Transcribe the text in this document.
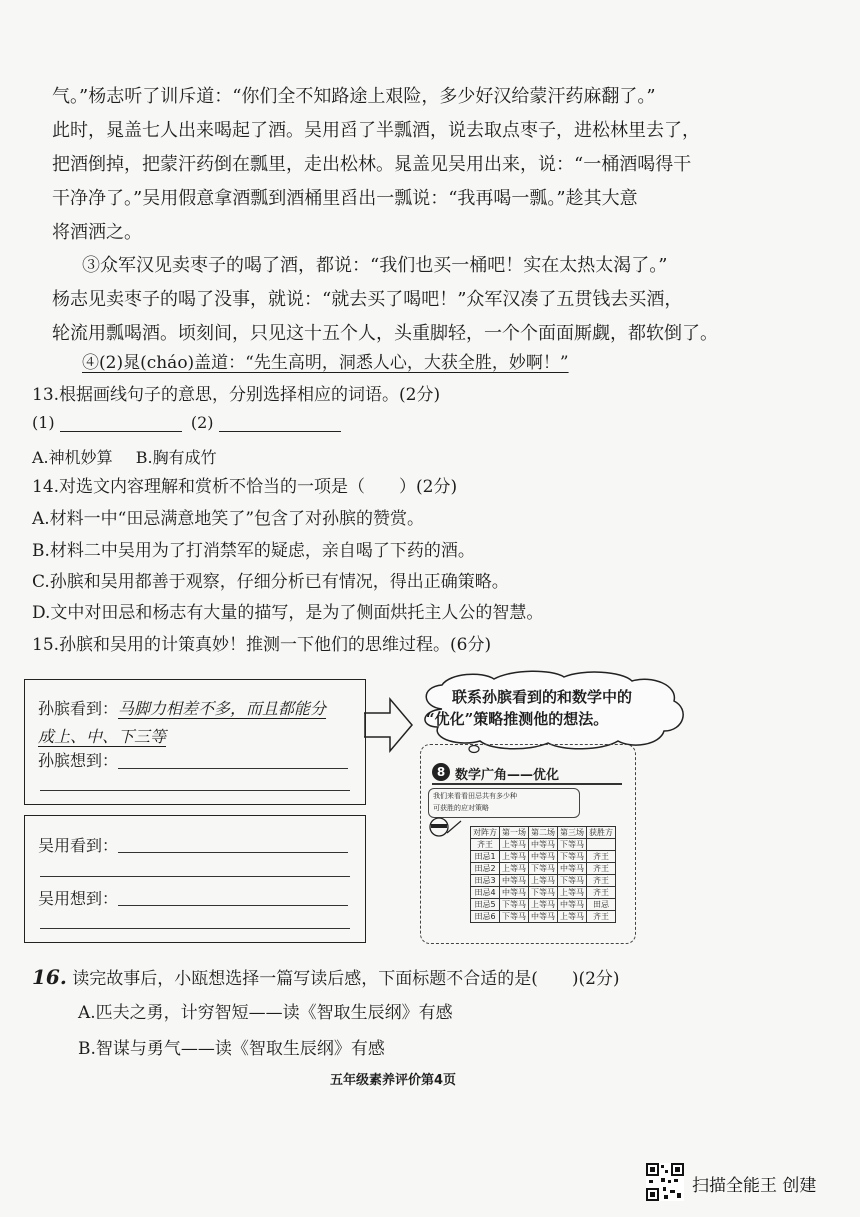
气。”杨志听了训斥道：“你们全不知路途上艰险，多少好汉给蒙汗药麻翻了。”
此时，晁盖七人出来喝起了酒。吴用舀了半瓢酒，说去取点枣子，进松林里去了，
把酒倒掉，把蒙汗药倒在瓢里，走出松林。晁盖见吴用出来，说：“一桶酒喝得干
干净净了。”吴用假意拿酒瓢到酒桶里舀出一瓢说：“我再喝一瓢。”趁其大意
将酒洒之。
③众军汉见卖枣子的喝了酒，都说：“我们也买一桶吧！实在太热太渴了。”
杨志见卖枣子的喝了没事，就说：“就去买了喝吧！”众军汉凑了五贯钱去买酒，
轮流用瓢喝酒。顷刻间，只见这十五个人，头重脚轻，一个个面面厮觑，都软倒了。
④(2)晁(cháo)盖道：“先生高明，洞悉人心，大获全胜，妙啊！”
13.根据画线句子的意思，分别选择相应的词语。(2分)
(1)	(2)
A.神机妙算 B.胸有成竹
14.对选文内容理解和赏析不恰当的一项是（　　）(2分)
A.材料一中“田忌满意地笑了”包含了对孙膑的赞赏。
B.材料二中吴用为了打消禁军的疑虑，亲自喝了下药的酒。
C.孙膑和吴用都善于观察，仔细分析已有情况，得出正确策略。
D.文中对田忌和杨志有大量的描写，是为了侧面烘托主人公的智慧。
15.孙膑和吴用的计策真妙！推测一下他们的思维过程。(6分)
孙膑看到：马脚力相差不多，而且都能分
成上、中、下三等
孙膑想到：
吴用看到：
吴用想到：
联系孙膑看到的和数学中的
“优化”策略推测他的想法。
8 数学广角——优化
我们来看看田忌共有多少种
可获胜的应对策略
对阵方	第一场	第二场	第三场	获胜方
齐王	上等马	中等马	下等马	
田忌1	上等马	中等马	下等马	齐王
田忌2	上等马	下等马	中等马	齐王
田忌3	中等马	上等马	下等马	齐王
田忌4	中等马	下等马	上等马	齐王
田忌5	下等马	上等马	中等马	田忌
田忌6	下等马	中等马	上等马	齐王
16. 读完故事后，小瓯想选择一篇写读后感，下面标题不合适的是(　　)(2分)
A.匹夫之勇，计穷智短——读《智取生辰纲》有感
B.智谋与勇气——读《智取生辰纲》有感
五年级素养评价第4页
扫描全能王 创建
